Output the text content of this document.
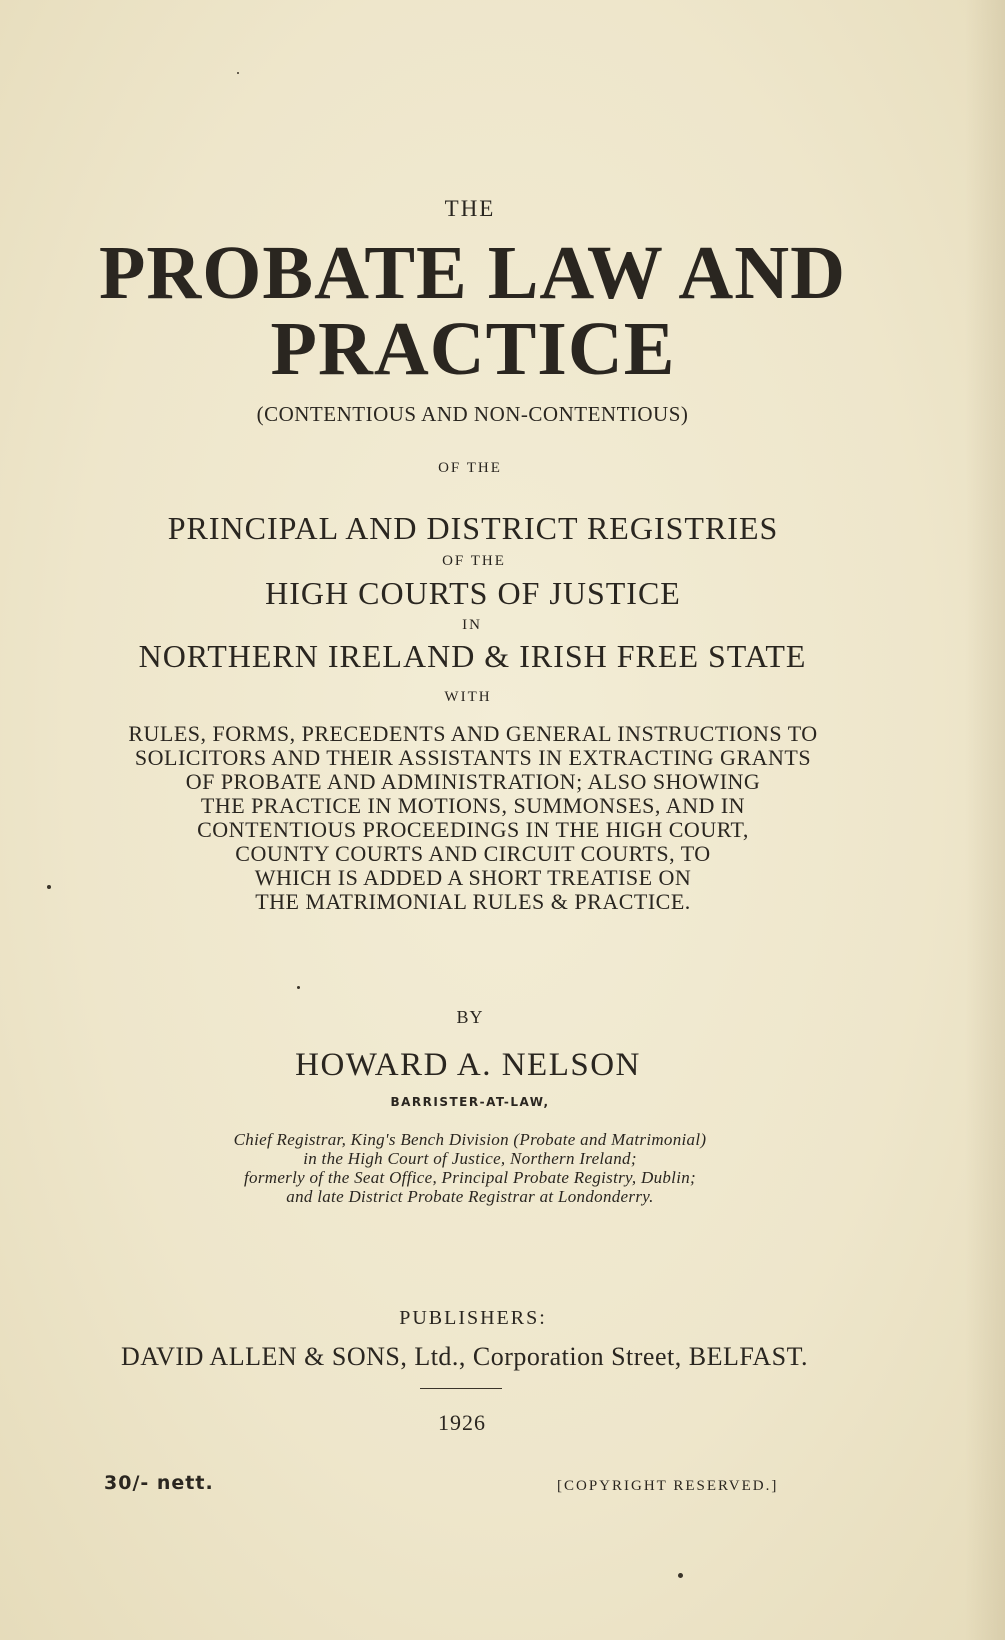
THE

PROBATE LAW AND
PRACTICE

(CONTENTIOUS AND NON-CONTENTIOUS)

OF THE

PRINCIPAL AND DISTRICT REGISTRIES

OF THE

HIGH COURTS OF JUSTICE

IN

NORTHERN IRELAND & IRISH FREE STATE

WITH

RULES, FORMS, PRECEDENTS AND GENERAL INSTRUCTIONS TO
SOLICITORS AND THEIR ASSISTANTS IN EXTRACTING GRANTS
OF PROBATE AND ADMINISTRATION; ALSO SHOWING
THE PRACTICE IN MOTIONS, SUMMONSES, AND IN
CONTENTIOUS PROCEEDINGS IN THE HIGH COURT,
COUNTY COURTS AND CIRCUIT COURTS, TO
WHICH IS ADDED A SHORT TREATISE ON
THE MATRIMONIAL RULES & PRACTICE.

BY

HOWARD A. NELSON

BARRISTER-AT-LAW,

Chief Registrar, King's Bench Division (Probate and Matrimonial)
in the High Court of Justice, Northern Ireland;
formerly of the Seat Office, Principal Probate Registry, Dublin;
and late District Probate Registrar at Londonderry.

PUBLISHERS:

DAVID ALLEN & SONS, Ltd., Corporation Street, BELFAST.

1926

30/- nett.	[COPYRIGHT RESERVED.]
